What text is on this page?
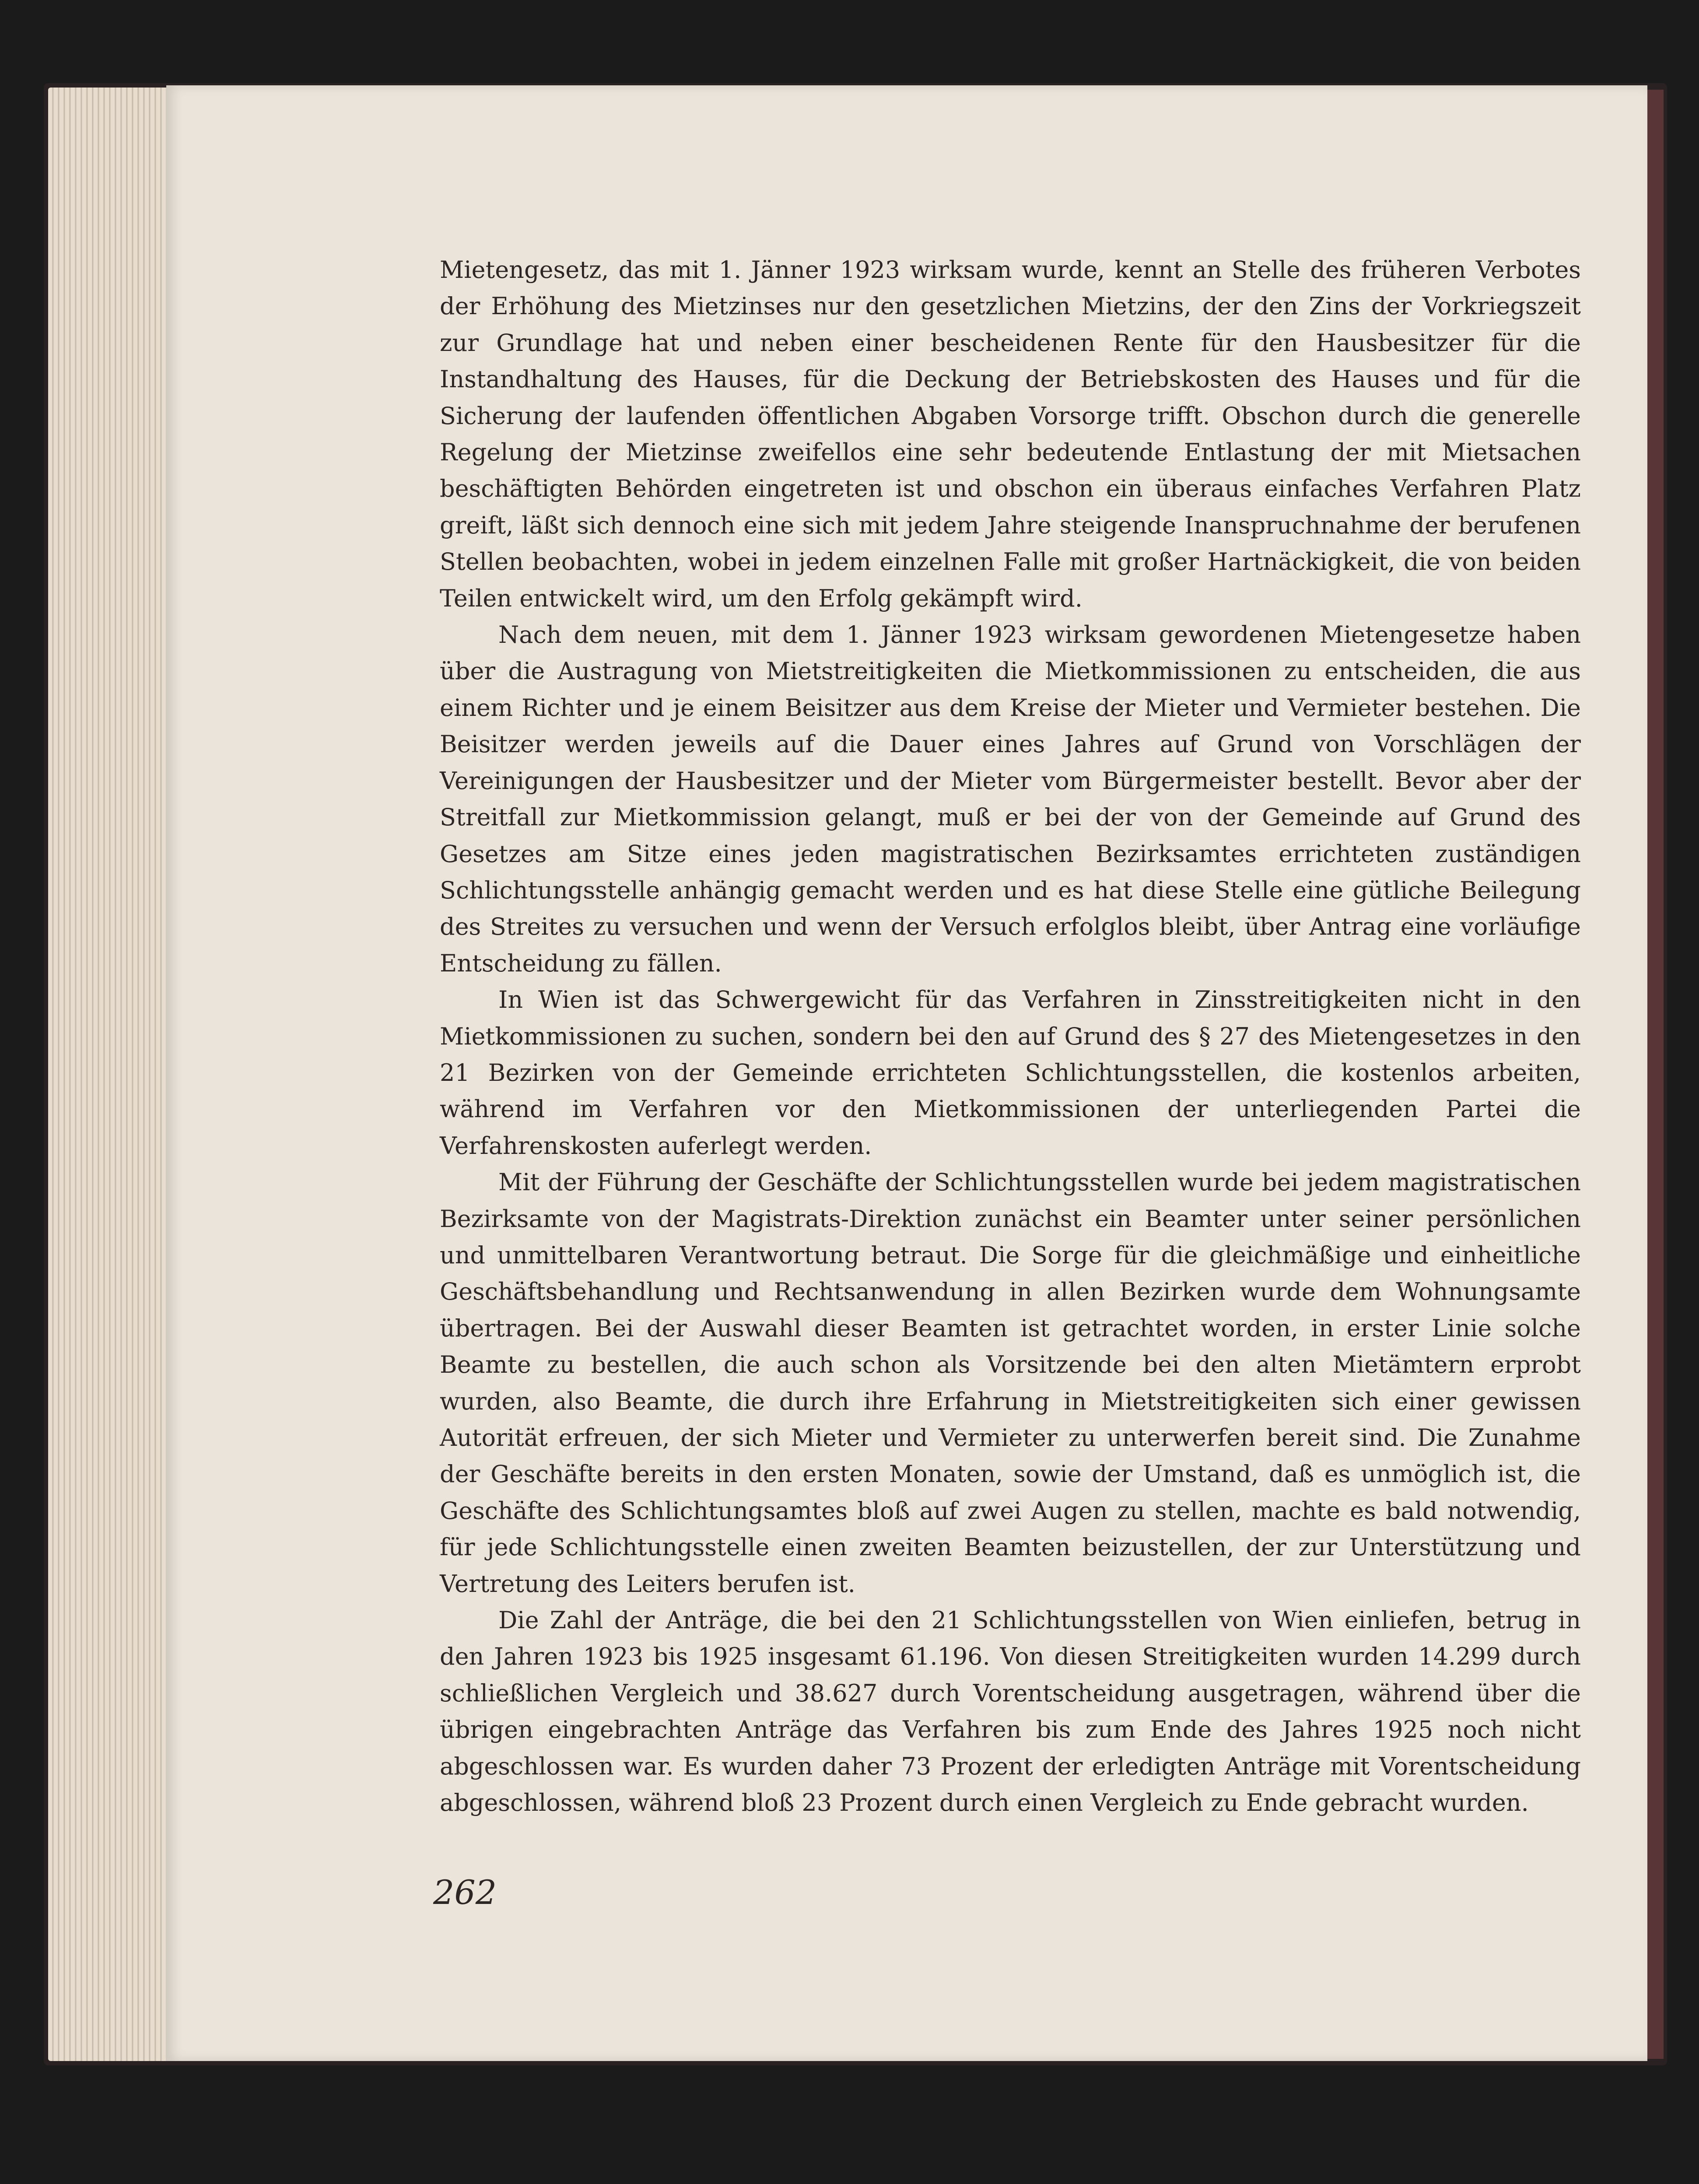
Mietengesetz, das mit 1. Jänner 1923 wirksam wurde, kennt an Stelle des früheren Verbotes der Erhöhung des Mietzinses nur den gesetzlichen Mietzins, der den Zins der Vorkriegszeit zur Grundlage hat und neben einer bescheidenen Rente für den Hausbesitzer für die Instandhaltung des Hauses, für die Deckung der Betriebskosten des Hauses und für die Sicherung der laufenden öffentlichen Abgaben Vorsorge trifft. Obschon durch die generelle Regelung der Mietzinse zweifellos eine sehr bedeutende Entlastung der mit Mietsachen beschäftigten Behörden eingetreten ist und obschon ein überaus einfaches Verfahren Platz greift, läßt sich dennoch eine sich mit jedem Jahre steigende Inanspruchnahme der berufenen Stellen beobachten, wobei in jedem einzelnen Falle mit großer Hartnäckigkeit, die von beiden Teilen entwickelt wird, um den Erfolg gekämpft wird.

Nach dem neuen, mit dem 1. Jänner 1923 wirksam gewordenen Mietengesetze haben über die Austragung von Mietstreitigkeiten die Mietkommissionen zu entscheiden, die aus einem Richter und je einem Beisitzer aus dem Kreise der Mieter und Vermieter bestehen. Die Beisitzer werden jeweils auf die Dauer eines Jahres auf Grund von Vorschlägen der Vereinigungen der Hausbesitzer und der Mieter vom Bürgermeister bestellt. Bevor aber der Streitfall zur Mietkommission gelangt, muß er bei der von der Gemeinde auf Grund des Gesetzes am Sitze eines jeden magistratischen Bezirksamtes errichteten zuständigen Schlichtungsstelle anhängig gemacht werden und es hat diese Stelle eine gütliche Beilegung des Streites zu versuchen und wenn der Versuch erfolglos bleibt, über Antrag eine vorläufige Entscheidung zu fällen.

In Wien ist das Schwergewicht für das Verfahren in Zinsstreitigkeiten nicht in den Mietkommissionen zu suchen, sondern bei den auf Grund des § 27 des Mietengesetzes in den 21 Bezirken von der Gemeinde errichteten Schlichtungsstellen, die kostenlos arbeiten, während im Verfahren vor den Mietkommissionen der unterliegenden Partei die Verfahrenskosten auferlegt werden.

Mit der Führung der Geschäfte der Schlichtungsstellen wurde bei jedem magistratischen Bezirksamte von der Magistrats-Direktion zunächst ein Beamter unter seiner persönlichen und unmittelbaren Verantwortung betraut. Die Sorge für die gleichmäßige und einheitliche Geschäftsbehandlung und Rechtsanwendung in allen Bezirken wurde dem Wohnungsamte übertragen. Bei der Auswahl dieser Beamten ist getrachtet worden, in erster Linie solche Beamte zu bestellen, die auch schon als Vorsitzende bei den alten Mietämtern erprobt wurden, also Beamte, die durch ihre Erfahrung in Mietstreitigkeiten sich einer gewissen Autorität erfreuen, der sich Mieter und Vermieter zu unterwerfen bereit sind. Die Zunahme der Geschäfte bereits in den ersten Monaten, sowie der Umstand, daß es unmöglich ist, die Geschäfte des Schlichtungsamtes bloß auf zwei Augen zu stellen, machte es bald notwendig, für jede Schlichtungsstelle einen zweiten Beamten beizustellen, der zur Unterstützung und Vertretung des Leiters berufen ist.

Die Zahl der Anträge, die bei den 21 Schlichtungsstellen von Wien einliefen, betrug in den Jahren 1923 bis 1925 insgesamt 61.196. Von diesen Streitigkeiten wurden 14.299 durch schließlichen Vergleich und 38.627 durch Vorentscheidung ausgetragen, während über die übrigen eingebrachten Anträge das Verfahren bis zum Ende des Jahres 1925 noch nicht abgeschlossen war. Es wurden daher 73 Prozent der erledigten Anträge mit Vorentscheidung abgeschlossen, während bloß 23 Prozent durch einen Vergleich zu Ende gebracht wurden.

262
